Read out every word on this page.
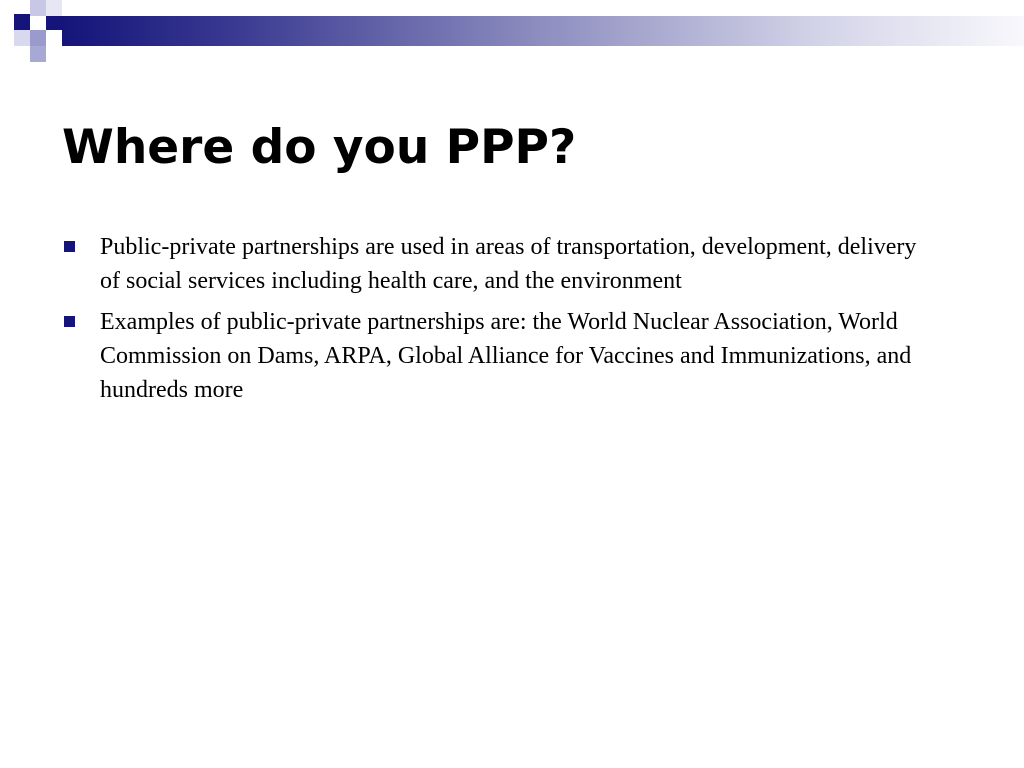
Where do you PPP?
Public-private partnerships are used in areas of transportation, development, delivery of social services including health care, and the environment
Examples of public-private partnerships are: the World Nuclear Association, World Commission on Dams, ARPA, Global Alliance for Vaccines and Immunizations, and hundreds more
